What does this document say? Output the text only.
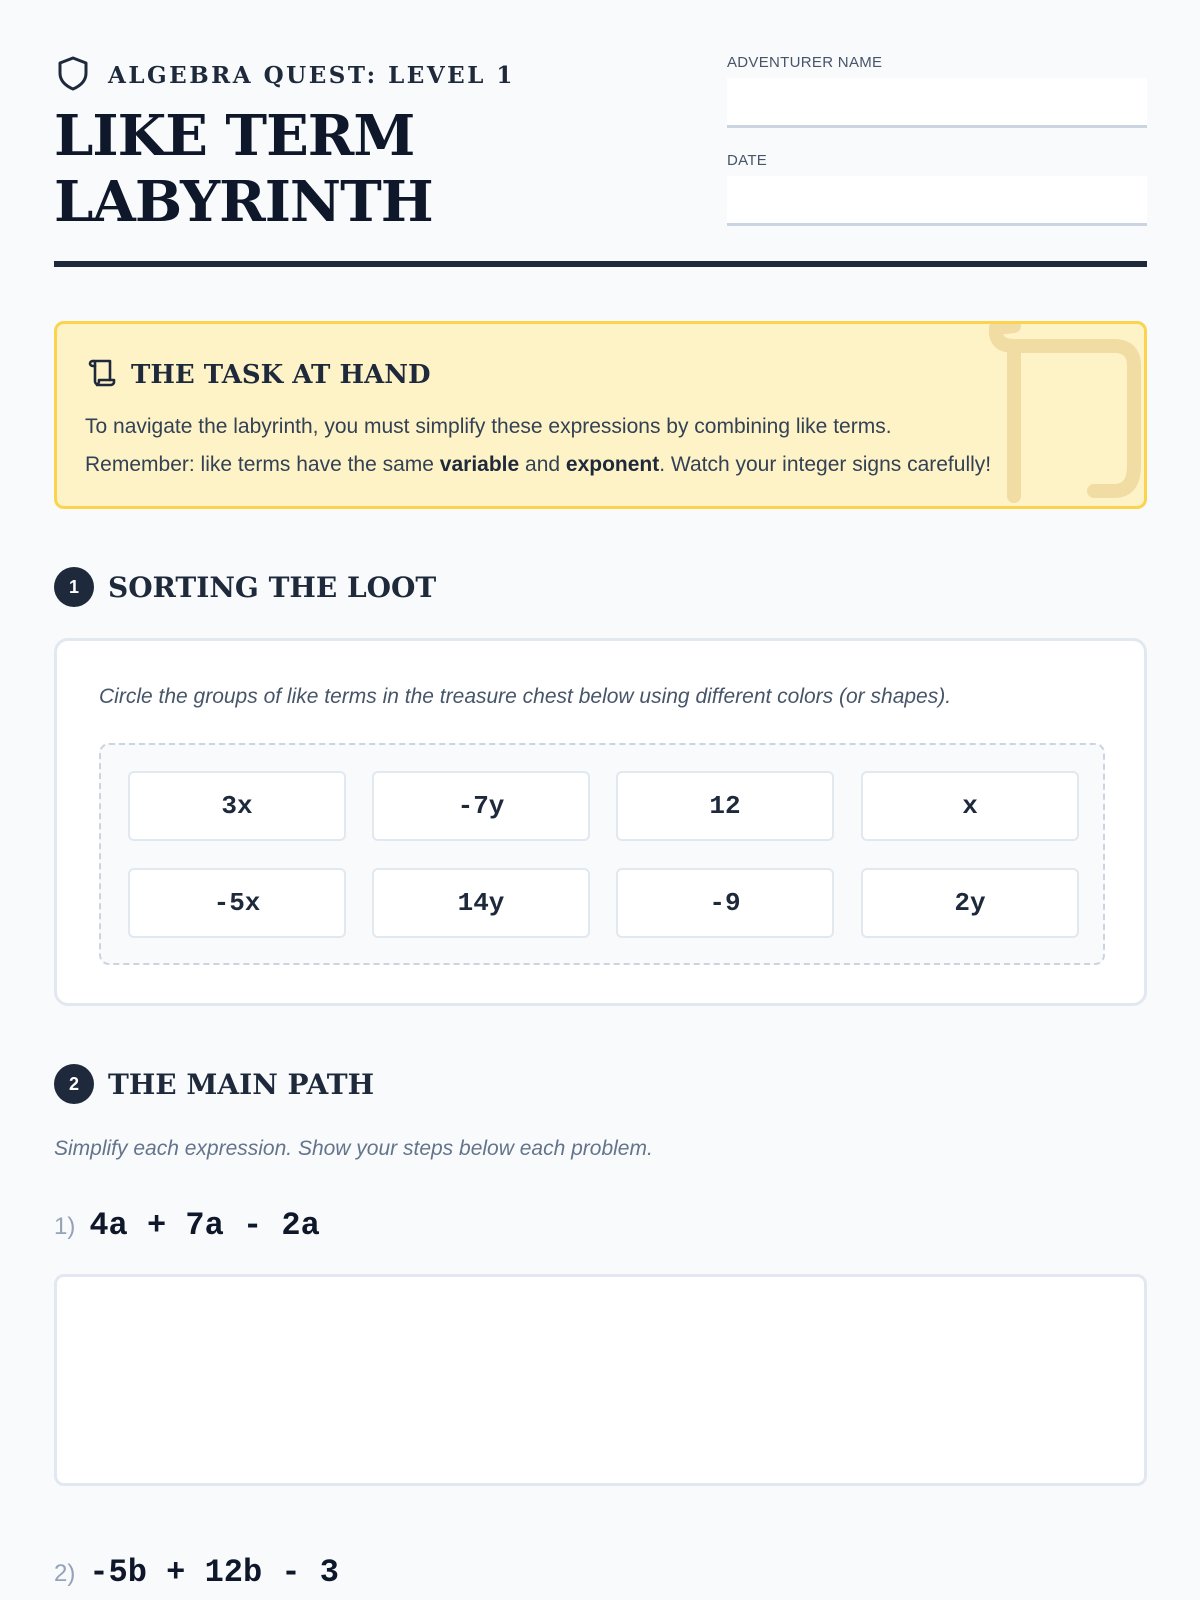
ALGEBRA QUEST: LEVEL 1
LIKE TERM
LABYRINTH
ADVENTURER NAME
DATE
THE TASK AT HAND
To navigate the labyrinth, you must simplify these expressions by combining like terms.
Remember: like terms have the same variable and exponent. Watch your integer signs carefully!
1	SORTING THE LOOT
Circle the groups of like terms in the treasure chest below using different colors (or shapes).
3x	-7y	12	x
-5x	14y	-9	2y
2	THE MAIN PATH
Simplify each expression. Show your steps below each problem.
1) 4a + 7a - 2a
2) -5b + 12b - 3
